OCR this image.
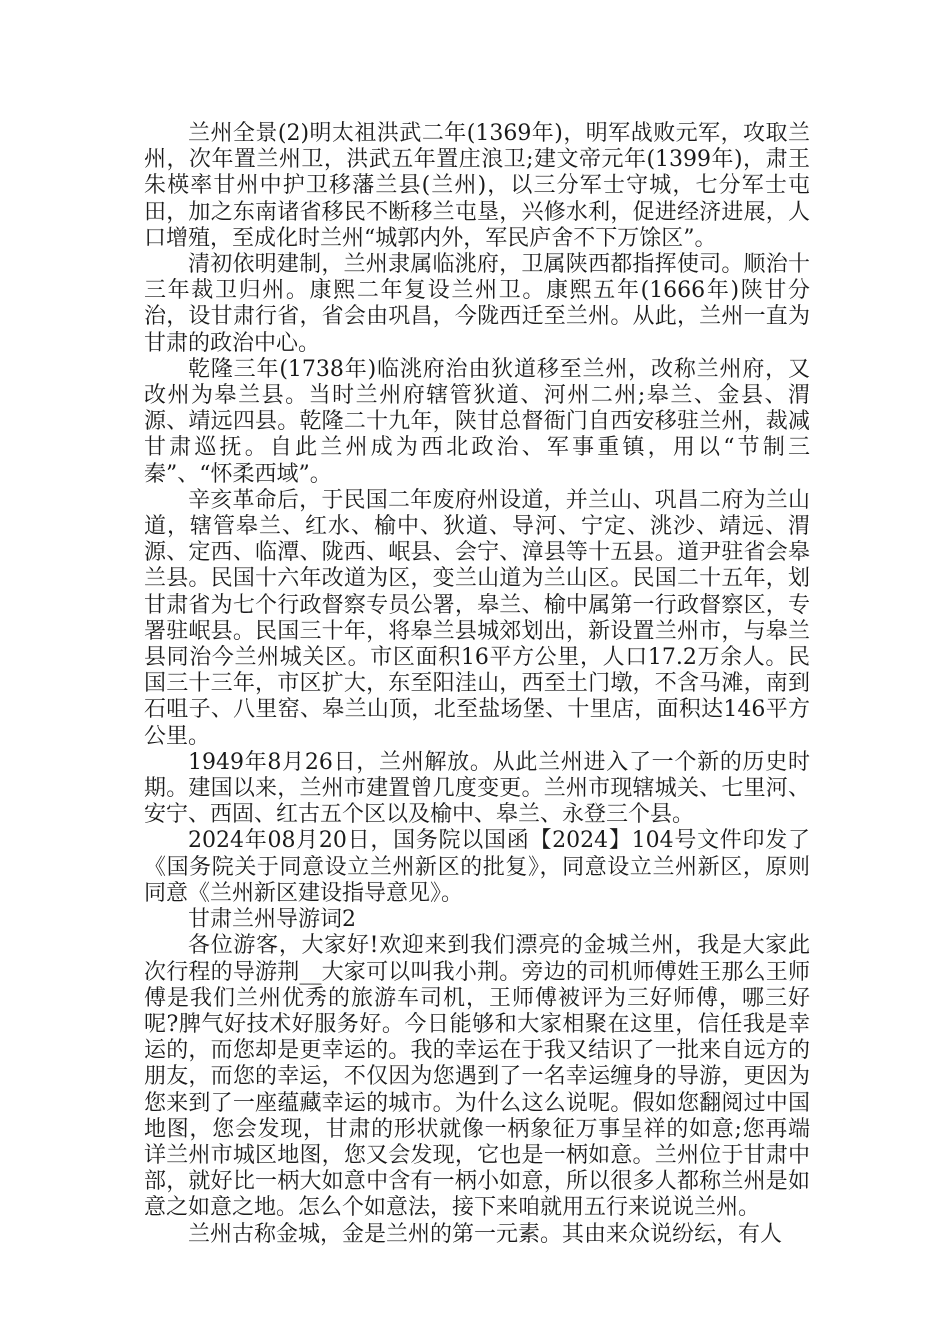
兰州全景(2)明太祖洪武二年(1369年)，明军战败元军，攻取兰州，次年置兰州卫，洪武五年置庄浪卫;建文帝元年(1399年)，肃王朱楧率甘州中护卫移藩兰县(兰州)，以三分军士守城，七分军士屯田，加之东南诸省移民不断移兰屯垦，兴修水利，促进经济进展，人口增殖，至成化时兰州“城郭内外，军民庐舍不下万馀区”。

清初依明建制，兰州隶属临洮府，卫属陕西都指挥使司。顺治十三年裁卫归州。康熙二年复设兰州卫。康熙五年(1666年)陕甘分治，设甘肃行省，省会由巩昌，今陇西迁至兰州。从此，兰州一直为甘肃的政治中心。

乾隆三年(1738年)临洮府治由狄道移至兰州，改称兰州府，又改州为皋兰县。当时兰州府辖管狄道、河州二州;皋兰、金县、渭源、靖远四县。乾隆二十九年，陕甘总督衙门自西安移驻兰州，裁减甘肃巡抚。自此兰州成为西北政治、军事重镇，用以“节制三秦”、“怀柔西域”。

辛亥革命后，于民国二年废府州设道，并兰山、巩昌二府为兰山道，辖管皋兰、红水、榆中、狄道、导河、宁定、洮沙、靖远、渭源、定西、临潭、陇西、岷县、会宁、漳县等十五县。道尹驻省会皋兰县。民国十六年改道为区，变兰山道为兰山区。民国二十五年，划甘肃省为七个行政督察专员公署，皋兰、榆中属第一行政督察区，专署驻岷县。民国三十年，将皋兰县城郊划出，新设置兰州市，与皋兰县同治今兰州城关区。市区面积16平方公里，人口17.2万余人。民国三十三年，市区扩大，东至阳洼山，西至土门墩，不含马滩，南到石咀子、八里窑、皋兰山顶，北至盐场堡、十里店，面积达146平方公里。

1949年8月26日，兰州解放。从此兰州进入了一个新的历史时期。建国以来，兰州市建置曾几度变更。兰州市现辖城关、七里河、安宁、西固、红古五个区以及榆中、皋兰、永登三个县。

2024年08月20日，国务院以国函【2024】104号文件印发了《国务院关于同意设立兰州新区的批复》，同意设立兰州新区，原则同意《兰州新区建设指导意见》。

甘肃兰州导游词2

各位游客，大家好!欢迎来到我们漂亮的金城兰州，我是大家此次行程的导游荆__大家可以叫我小荆。旁边的司机师傅姓王那么王师傅是我们兰州优秀的旅游车司机，王师傅被评为三好师傅，哪三好呢?脾气好技术好服务好。今日能够和大家相聚在这里，信任我是幸运的，而您却是更幸运的。我的幸运在于我又结识了一批来自远方的朋友，而您的幸运，不仅因为您遇到了一名幸运缠身的导游，更因为您来到了一座蕴藏幸运的城市。为什么这么说呢。假如您翻阅过中国地图，您会发现，甘肃的形状就像一柄象征万事呈祥的如意;您再端详兰州市城区地图，您又会发现，它也是一柄如意。兰州位于甘肃中部，就好比一柄大如意中含有一柄小如意，所以很多人都称兰州是如意之如意之地。怎么个如意法，接下来咱就用五行来说说兰州。

兰州古称金城，金是兰州的第一元素。其由来众说纷纭，有人
